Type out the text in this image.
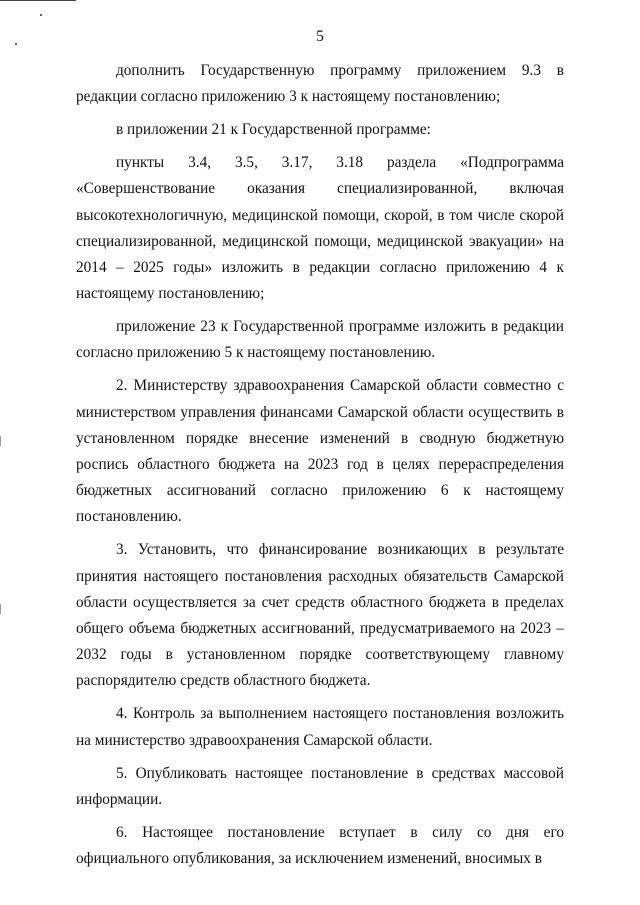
5

дополнить Государственную программу приложением 9.3 в редакции согласно приложению 3 к настоящему постановлению;

в приложении 21 к Государственной программе:

пункты 3.4, 3.5, 3.17, 3.18 раздела «Подпрограмма «Совершенствование оказания специализированной, включая высокотехнологичную, медицинской помощи, скорой, в том числе скорой специализированной, медицинской помощи, медицинской эвакуации» на 2014 – 2025 годы» изложить в редакции согласно приложению 4 к настоящему постановлению;

приложение 23 к Государственной программе изложить в редакции согласно приложению 5 к настоящему постановлению.

2. Министерству здравоохранения Самарской области совместно с министерством управления финансами Самарской области осуществить в установленном порядке внесение изменений в сводную бюджетную роспись областного бюджета на 2023 год в целях перераспределения бюджетных ассигнований согласно приложению 6 к настоящему постановлению.

3. Установить, что финансирование возникающих в результате принятия настоящего постановления расходных обязательств Самарской области осуществляется за счет средств областного бюджета в пределах общего объема бюджетных ассигнований, предусматриваемого на 2023 – 2032 годы в установленном порядке соответствующему главному распорядителю средств областного бюджета.

4. Контроль за выполнением настоящего постановления возложить на министерство здравоохранения Самарской области.

5. Опубликовать настоящее постановление в средствах массовой информации.

6. Настоящее постановление вступает в силу со дня его официального опубликования, за исключением изменений, вносимых в
